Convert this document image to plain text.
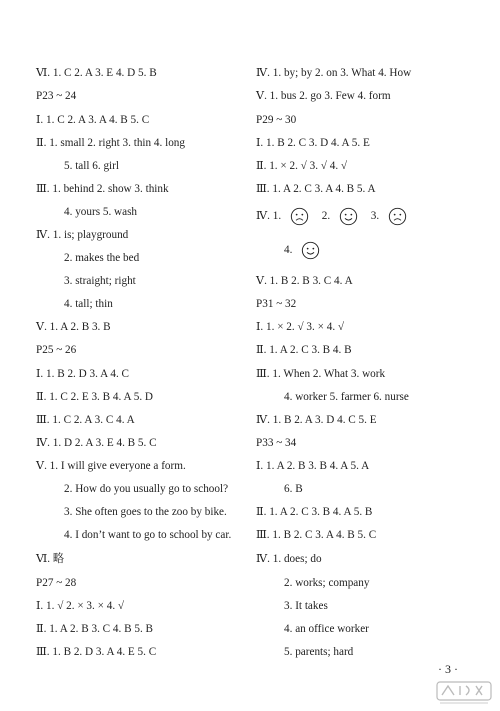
Ⅵ. 1. C 2. A 3. E 4. D 5. B
P23 ~ 24
Ⅰ. 1. C 2. A 3. A 4. B 5. C
Ⅱ. 1. small 2. right 3. thin 4. long
5. tall 6. girl
Ⅲ. 1. behind 2. show 3. think
4. yours 5. wash
Ⅳ. 1. is; playground
2. makes the bed
3. straight; right
4. tall; thin
Ⅴ. 1. A 2. B 3. B
P25 ~ 26
Ⅰ. 1. B 2. D 3. A 4. C
Ⅱ. 1. C 2. E 3. B 4. A 5. D
Ⅲ. 1. C 2. A 3. C 4. A
Ⅳ. 1. D 2. A 3. E 4. B 5. C
Ⅴ. 1. I will give everyone a form.
2. How do you usually go to school?
3. She often goes to the zoo by bike.
4. I don’t want to go to school by car.
Ⅵ. 略
P27 ~ 28
Ⅰ. 1. √ 2. × 3. × 4. √
Ⅱ. 1. A 2. B 3. C 4. B 5. B
Ⅲ. 1. B 2. D 3. A 4. E 5. C
Ⅳ. 1.	2.	3.
4.
Ⅳ. 1. by; by 2. on 3. What 4. How
Ⅴ. 1. bus 2. go 3. Few 4. form
P29 ~ 30
Ⅰ. 1. B 2. C 3. D 4. A 5. E
Ⅱ. 1. × 2. √ 3. √ 4. √
Ⅲ. 1. A 2. C 3. A 4. B 5. A
Ⅴ. 1. B 2. B 3. C 4. A
P31 ~ 32
Ⅰ. 1. × 2. √ 3. × 4. √
Ⅱ. 1. A 2. C 3. B 4. B
Ⅲ. 1. When 2. What 3. work
4. worker 5. farmer 6. nurse
Ⅳ. 1. B 2. A 3. D 4. C 5. E
P33 ~ 34
Ⅰ. 1. A 2. B 3. B 4. A 5. A
6. B
Ⅱ. 1. A 2. C 3. B 4. A 5. B
Ⅲ. 1. B 2. C 3. A 4. B 5. C
Ⅳ. 1. does; do
2. works; company
3. It takes
4. an office worker
5. parents; hard
· 3 ·
